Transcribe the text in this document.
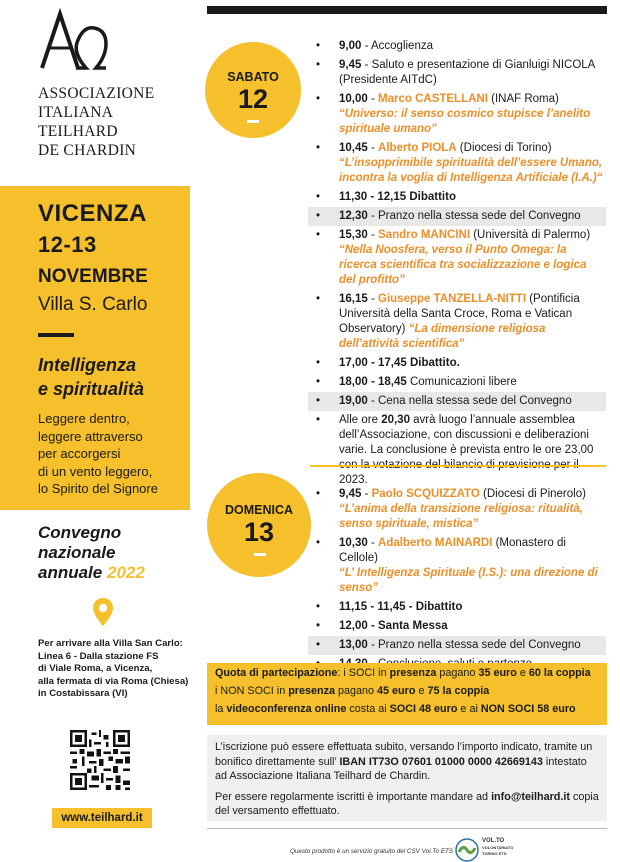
ASSOCIAZIONE
ITALIANA
TEILHARD
DE CHARDIN
VICENZA
12-13
NOVEMBRE
Villa S. Carlo
Intelligenza
e spiritualità
Leggere dentro,
leggere attraverso
per accorgersi
di un vento leggero,
lo Spirito del Signore
Convegno
nazionale
annuale 2022
Per arrivare alla Villa San Carlo:
Linea 6 - Dalla stazione FS
di Viale Roma, a Vicenza,
alla fermata di via Roma (Chiesa)
in Costabissara (VI)
www.teilhard.it
SABATO
12
DOMENICA
13
• 9,00 - Accoglienza
• 9,45 - Saluto e presentazione di Gianluigi NICOLA (Presidente AITdC)
• 10,00 - Marco CASTELLANI (INAF Roma)
“Universo: il senso cosmico stupisce l’anelito spirituale umano”
• 10,45 - Alberto PIOLA (Diocesi di Torino)
“L’insopprimibile spiritualità dell’essere Umano, incontra la voglia di Intelligenza Artificiale (I.A.)“
• 11,30 - 12,15 Dibattito
• 12,30 - Pranzo nella stessa sede del Convegno
• 15,30 - Sandro MANCINI (Università di Palermo)
“Nella Noosfera, verso il Punto Omega: la ricerca scientifica tra socializzazione e logica del profitto”
• 16,15 - Giuseppe TANZELLA-NITTI (Pontificia Università della Santa Croce, Roma e Vatican Observatory) “La dimensione religiosa dell’attività scientifica”
• 17,00 - 17,45 Dibattito.
• 18,00 - 18,45 Comunicazioni libere
• 19,00 - Cena nella stessa sede del Convegno
• Alle ore 20,30 avrà luogo l’annuale assemblea dell’Associazione, con discussioni e deliberazioni varie. La conclusione è prevista entro le ore 23,00 2023.
• 9,45 - Paolo SCQUIZZATO (Diocesi di Pinerolo)
“L’anima della transizione religiosa: ritualità, senso spirituale, mistica”
• 10,30 - Adalberto MAINARDI (Monastero di Cellole)
“L’ Intelligenza Spirituale (I.S.): una direzione di senso”
• 11,15 - 11,45 - Dibattito
• 12,00 - Santa Messa
• 13,00 - Pranzo nella stessa sede del Convegno
•
Quota di partecipazione: i SOCI in presenza pagano 35 euro e 60 la coppia
i NON SOCI in presenza pagano 45 euro e 75 la coppia
la videoconferenza online costa ai SOCI 48 euro e ai NON SOCI 58 euro

L’iscrizione può essere effettuata subito, versando l’importo indicato, tramite un bonifico direttamente sull’ IBAN IT73O 07601 01000 0000 42669143 intestato ad Associazione Italiana Teilhard de Chardin.

Per essere regolarmente iscritti è importante mandare ad info@teilhard.it copia del versamento effettuato.

Questo prodotto è un servizio gratuito del CSV Vol.To ETS
VOL.TO
VOLONTARIATO
TORINO ETS
